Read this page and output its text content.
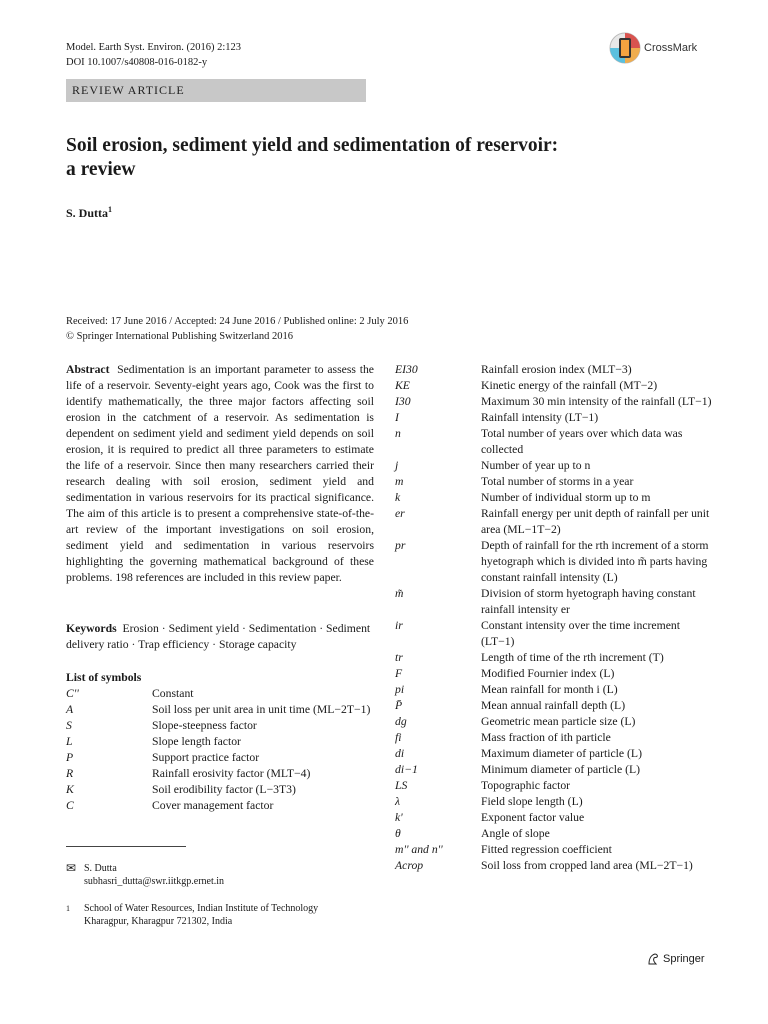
Model. Earth Syst. Environ. (2016) 2:123
DOI 10.1007/s40808-016-0182-y
CrossMark
REVIEW ARTICLE
Soil erosion, sediment yield and sedimentation of reservoir:
a review
S. Dutta$^1$
Received: 17 June 2016 / Accepted: 24 June 2016 / Published online: 2 July 2016
© Springer International Publishing Switzerland 2016
Abstract Sedimentation is an important parameter to assess the life of a reservoir. Seventy-eight years ago, Cook was the first to identify mathematically, the three major factors affecting soil erosion in the catchment of a reservoir. As sedimentation is dependent on sediment yield and sediment yield depends on soil erosion, it is required to predict all three parameters to estimate the life of a reservoir. Since then many researchers carried their research dealing with soil erosion, sediment yield and sedimentation in various reservoirs for its practical significance. The aim of this article is to present a comprehensive state-of-the-art review of the important investigations on soil erosion, sediment yield and sedimentation in various reservoirs highlighting the governing mathematical background of these problems. 198 references are included in this review paper.
Keywords Erosion · Sediment yield · Sedimentation · Sediment delivery ratio · Trap efficiency · Storage capacity
List of symbols
C''	Constant
A	Soil loss per unit area in unit time (ML−2T−1)
S	Slope-steepness factor
L	Slope length factor
P	Support practice factor
R	Rainfall erosivity factor (MLT−4)
K	Soil erodibility factor (L−3T3)
C	Cover management factor
EI30	Rainfall erosion index (MLT−3)
KE	Kinetic energy of the rainfall (MT−2)
I30	Maximum 30 min intensity of the rainfall (LT−1)
I	Rainfall intensity (LT−1)
n	Total number of years over which data was collected
j	Number of year up to n
m	Total number of storms in a year
k	Number of individual storm up to m
er	Rainfall energy per unit depth of rainfall per unit area (ML−1T−2)
pr	Depth of rainfall for the rth increment of a storm hyetograph which is divided into m̃ parts having constant rainfall intensity (L)
m̃	Division of storm hyetograph having constant rainfall intensity er
ir	Constant intensity over the time increment (LT−1)
tr	Length of time of the rth increment (T)
F	Modified Fournier index (L)
pi	Mean rainfall for month i (L)
P̄	Mean annual rainfall depth (L)
dg	Geometric mean particle size (L)
fi	Mass fraction of ith particle
di	Maximum diameter of particle (L)
di−1	Minimum diameter of particle (L)
LS	Topographic factor
λ	Field slope length (L)
k'	Exponent factor value
θ	Angle of slope
m'' and n''	Fitted regression coefficient
Acrop	Soil loss from cropped land area (ML−2T−1)
✉ S. Dutta
subhasri_dutta@swr.iitkgp.ernet.in
1	School of Water Resources, Indian Institute of Technology
Kharagpur, Kharagpur 721302, India
Springer
